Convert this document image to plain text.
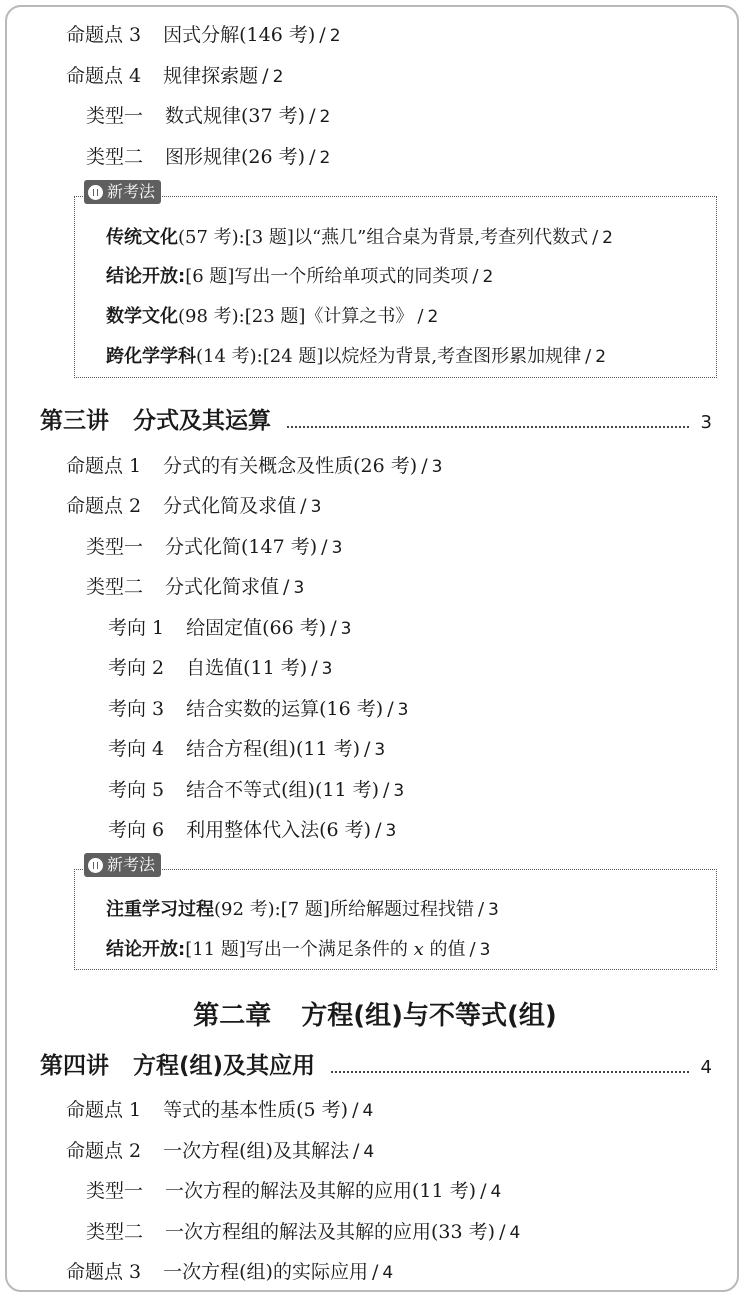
命题点 3 因式分解(146 考) / 2
命题点 4 规律探索题 / 2
类型一 数式规律(37 考) / 2
类型二 图形规律(26 考) / 2
新考法
传统文化(57 考):[3 题]以“燕几”组合桌为背景,考查列代数式 / 2
结论开放:[6 题]写出一个所给单项式的同类项 / 2
数学文化(98 考):[23 题]《计算之书》 / 2
跨化学学科(14 考):[24 题]以烷烃为背景,考查图形累加规律 / 2
第三讲 分式及其运算	3
命题点 1 分式的有关概念及性质(26 考) / 3
命题点 2 分式化简及求值 / 3
类型一 分式化简(147 考) / 3
类型二 分式化简求值 / 3
考向 1 给固定值(66 考) / 3
考向 2 自选值(11 考) / 3
考向 3 结合实数的运算(16 考) / 3
考向 4 结合方程(组)(11 考) / 3
考向 5 结合不等式(组)(11 考) / 3
考向 6 利用整体代入法(6 考) / 3
新考法
注重学习过程(92 考):[7 题]所给解题过程找错 / 3
结论开放:[11 题]写出一个满足条件的 x 的值 / 3
第二章 方程(组)与不等式(组)
第四讲 方程(组)及其应用	4
命题点 1 等式的基本性质(5 考) / 4
命题点 2 一次方程(组)及其解法 / 4
类型一 一次方程的解法及其解的应用(11 考) / 4
类型二 一次方程组的解法及其解的应用(33 考) / 4
命题点 3 一次方程(组)的实际应用 / 4
